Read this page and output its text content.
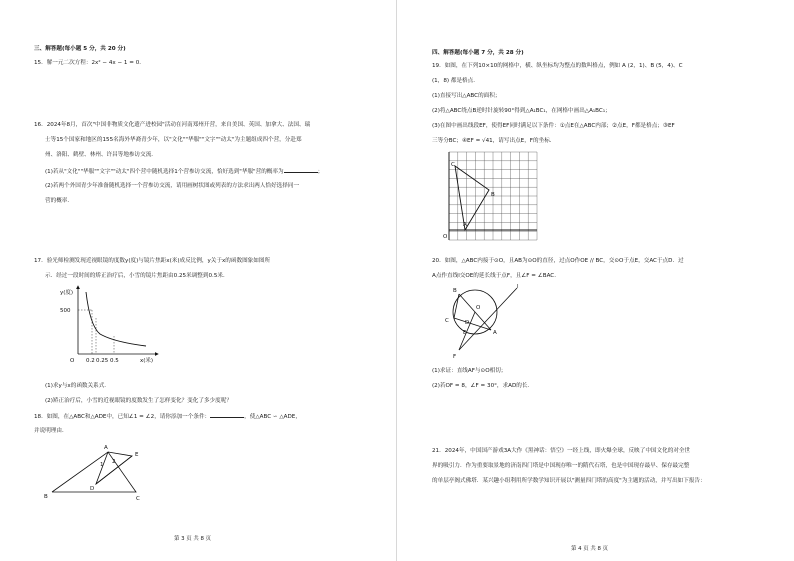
三、解答题(每小题 5 分，共 20 分)
15．解一元二次方程：2x² − 4x − 1 = 0．
16．2024年8月，首次"中国非物质文化遗产进校园"活动在河南郑州开营，来自美国、英国、加拿大、法国、瑞
士等15个国家和地区的155名海外华裔青少年，以"文化""华服""文字""动太"为主题组成四个营，分赴郑
州、洛阳、鹤壁、林州、许昌等地参访交流．
(1)若从"文化""华服""文字""动太"四个营中随机选择1个营参访交流，恰好选到"华服"营的概率为	；
(2)若两个外国青少年准备随机选择一个营参访交流，请用画树状图或列表的方法求出两人恰好选择同一
营的概率．
17．验光师检测发现近视眼镜的度数y(度)与镜片焦距x(米)成反比例，y关于x的函数图象如图所
示．经过一段时间的矫正治疗后，小雪的镜片焦距由0.25米调整到0.5米．
y(度)
x(米)
O
500
0.2 0.25 0.5
(1)求y与x的函数关系式．
(2)矫正治疗后，小雪的近视眼镜的度数发生了怎样变化？变化了多少度呢？
18．如图，在△ABC和△ADE中，已知∠1 = ∠2，请你添加一个条件：	，使△ABC ∽ △ADE，
并说明理由．
A
B	C
D
E
1 2
第 3 页 共 8 页
四、解答题(每小题 7 分，共 28 分)
19．如图，在下列10×10的网格中，横、纵坐标均为整点的数叫格点，例如 A (2，1)、B (5，4)、C
(1，8) 都是格点．
(1)直接写出△ABC的面积；
(2)将△ABC绕点B逆时针旋转90°得到△A₁BC₁，在网格中画出△A₁BC₁；
(3)在图中画出线段EF，使得EF同时满足以下条件：①点E在△ABC内部；②点E，F都是格点；③EF
三等分BC；④EF = √41，请写出点E，F的坐标．
C
A
B
O
20．如图，△ABC内接于⊙O，且AB为⊙O的直径，过点O作OE // BC，交⊙O于点E，交AC于点D．过
A点作直线l交OE的延长线于点F，且∠F = ∠BAC．
B
C
O
D
E	A
F
l
(1)求证：直线AF与⊙O相切；
(2)若OF = 8，∠F = 30°，求AD的长．
21．2024年，中国国产游戏3A大作《黑神话：悟空》一经上线，即火爆全球，反映了中国文化的对全世
界的吸引力．作为重要取景地的济南四门塔是中国现存唯一的隋代石塔，也是中国现存最早、保存最完整
的单层亭阁式佛塔．某兴趣小组利用所学数学知识开展以"测量四门塔的高度"为主题的活动，并写出如下报告：
第 4 页 共 8 页
